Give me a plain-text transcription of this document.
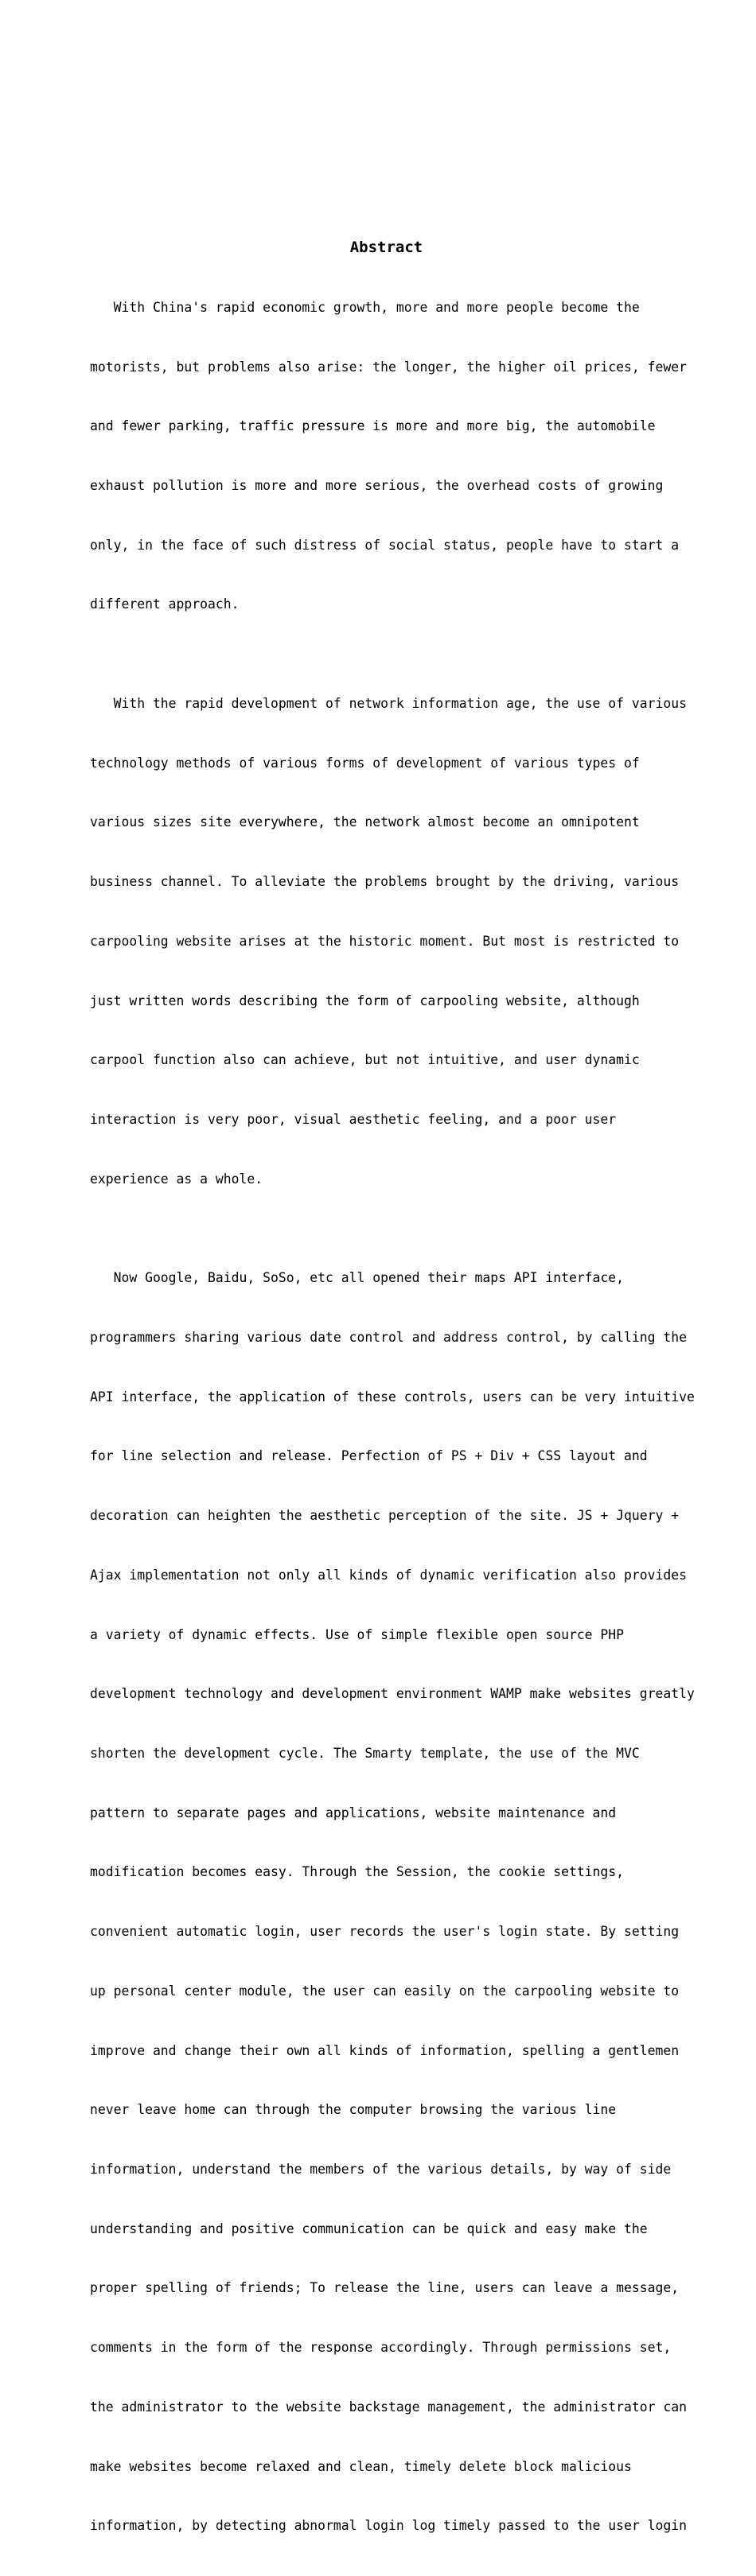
Abstract

With China's rapid economic growth, more and more people become the

motorists, but problems also arise: the longer, the higher oil prices, fewer

and fewer parking, traffic pressure is more and more big, the automobile

exhaust pollution is more and more serious, the overhead costs of growing

only, in the face of such distress of social status, people have to start a

different approach.

With the rapid development of network information age, the use of various

technology methods of various forms of development of various types of

various sizes site everywhere, the network almost become an omnipotent

business channel. To alleviate the problems brought by the driving, various

carpooling website arises at the historic moment. But most is restricted to

just written words describing the form of carpooling website, although

carpool function also can achieve, but not intuitive, and user dynamic

interaction is very poor, visual aesthetic feeling, and a poor user

experience as a whole.

Now Google, Baidu, SoSo, etc all opened their maps API interface,

programmers sharing various date control and address control, by calling the

API interface, the application of these controls, users can be very intuitive

for line selection and release. Perfection of PS + Div + CSS layout and

decoration can heighten the aesthetic perception of the site. JS + Jquery +

Ajax implementation not only all kinds of dynamic verification also provides

a variety of dynamic effects. Use of simple flexible open source PHP

development technology and development environment WAMP make websites greatly

shorten the development cycle. The Smarty template, the use of the MVC

pattern to separate pages and applications, website maintenance and

modification becomes easy. Through the Session, the cookie settings,

convenient automatic login, user records the user's login state. By setting

up personal center module, the user can easily on the carpooling website to

improve and change their own all kinds of information, spelling a gentlemen

never leave home can through the computer browsing the various line

information, understand the members of the various details, by way of side

understanding and positive communication can be quick and easy make the

proper spelling of friends; To release the line, users can leave a message,

comments in the form of the response accordingly. Through permissions set,

the administrator to the website backstage management, the administrator can

make websites become relaxed and clean, timely delete block malicious

information, by detecting abnormal login log timely passed to the user login
